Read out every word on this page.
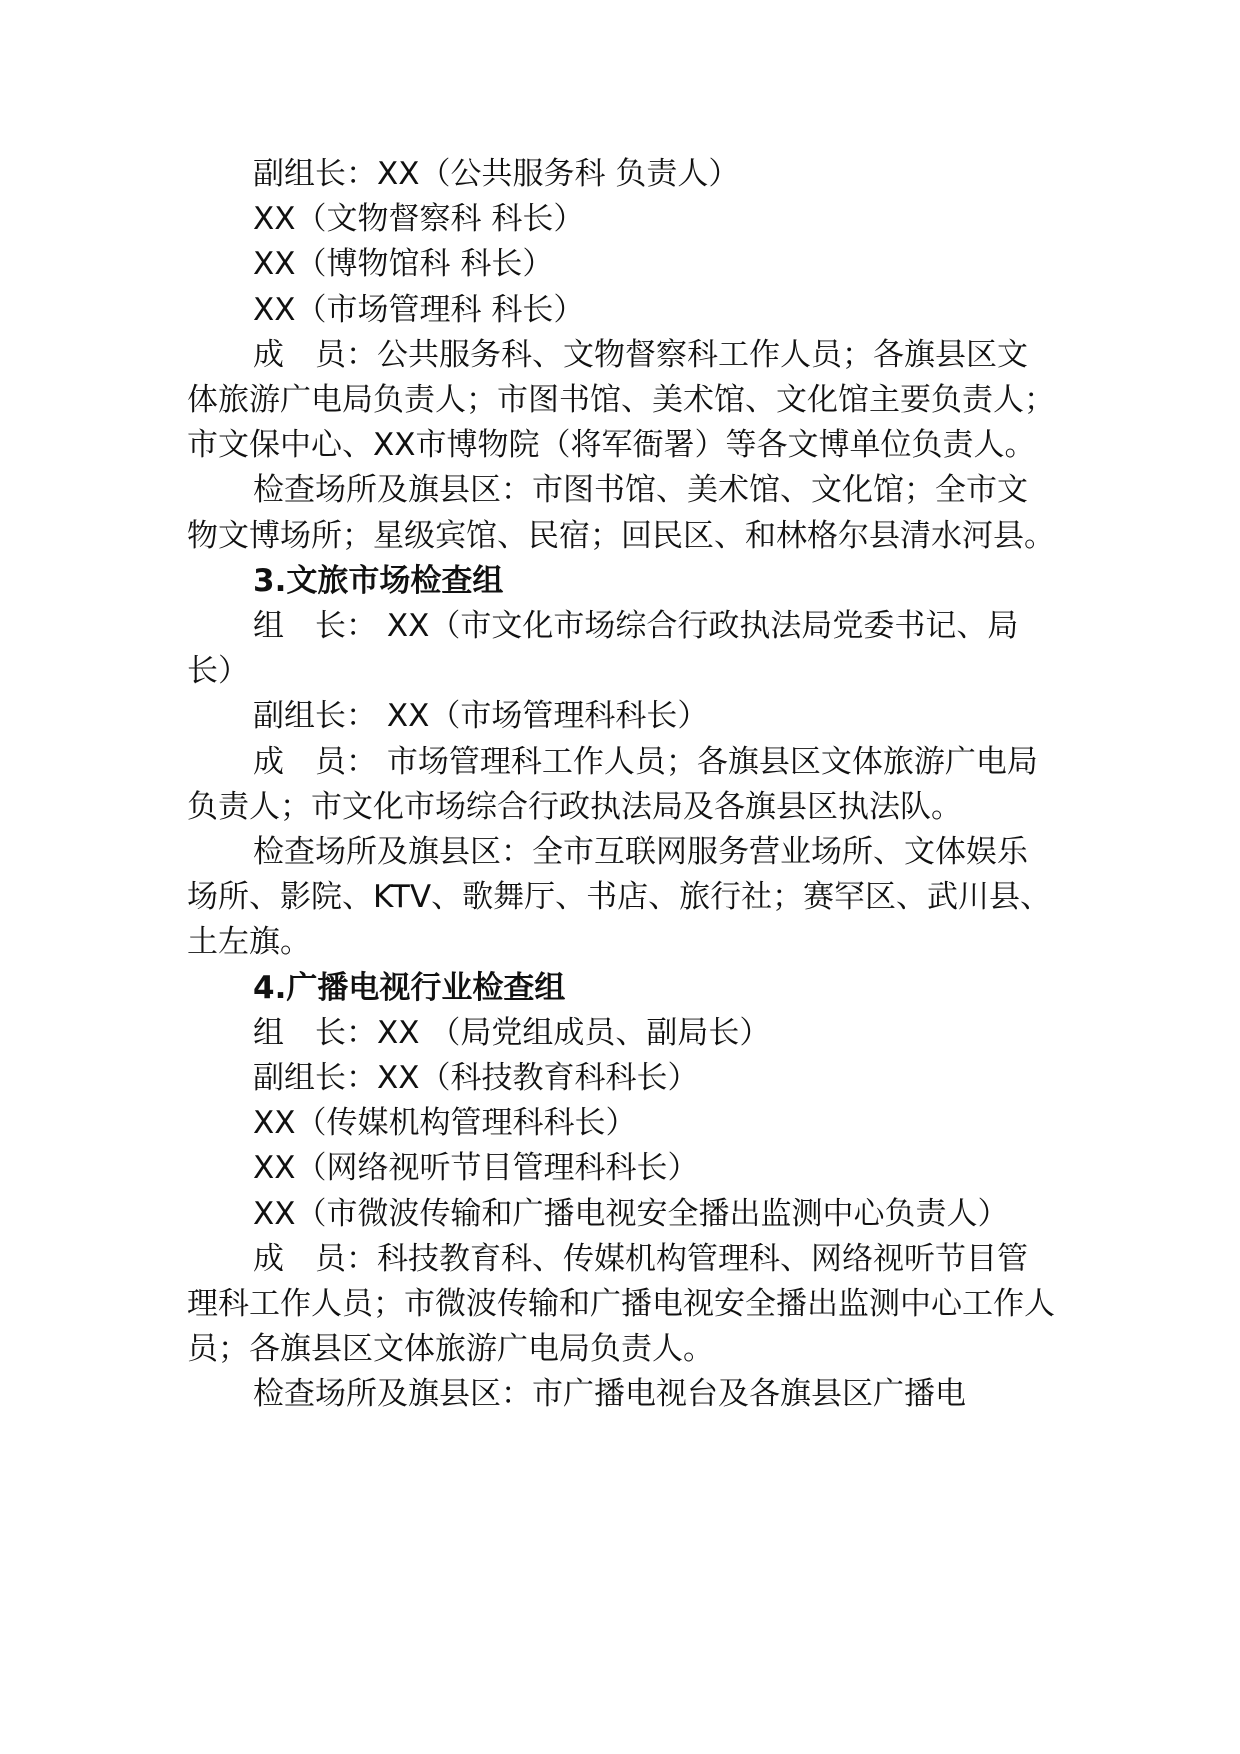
副组长：XX（公共服务科 负责人）

XX（文物督察科 科长）

XX（博物馆科 科长）

XX（市场管理科 科长）

成　员：公共服务科、文物督察科工作人员；各旗县区文体旅游广电局负责人；市图书馆、美术馆、文化馆主要负责人；市文保中心、XX市博物院（将军衙署）等各文博单位负责人。

检查场所及旗县区：市图书馆、美术馆、文化馆；全市文物文博场所；星级宾馆、民宿；回民区、和林格尔县清水河县。

3.文旅市场检查组

组　长： XX（市文化市场综合行政执法局党委书记、局长）

副组长： XX（市场管理科科长）

成　员： 市场管理科工作人员；各旗县区文体旅游广电局负责人；市文化市场综合行政执法局及各旗县区执法队。

检查场所及旗县区：全市互联网服务营业场所、文体娱乐场所、影院、KTV、歌舞厅、书店、旅行社；赛罕区、武川县、土左旗。

4.广播电视行业检查组

组　长：XX （局党组成员、副局长）

副组长：XX（科技教育科科长）

XX（传媒机构管理科科长）

XX（网络视听节目管理科科长）

XX（市微波传输和广播电视安全播出监测中心负责人）

成　员：科技教育科、传媒机构管理科、网络视听节目管理科工作人员；市微波传输和广播电视安全播出监测中心工作人员；各旗县区文体旅游广电局负责人。

检查场所及旗县区：市广播电视台及各旗县区广播电
